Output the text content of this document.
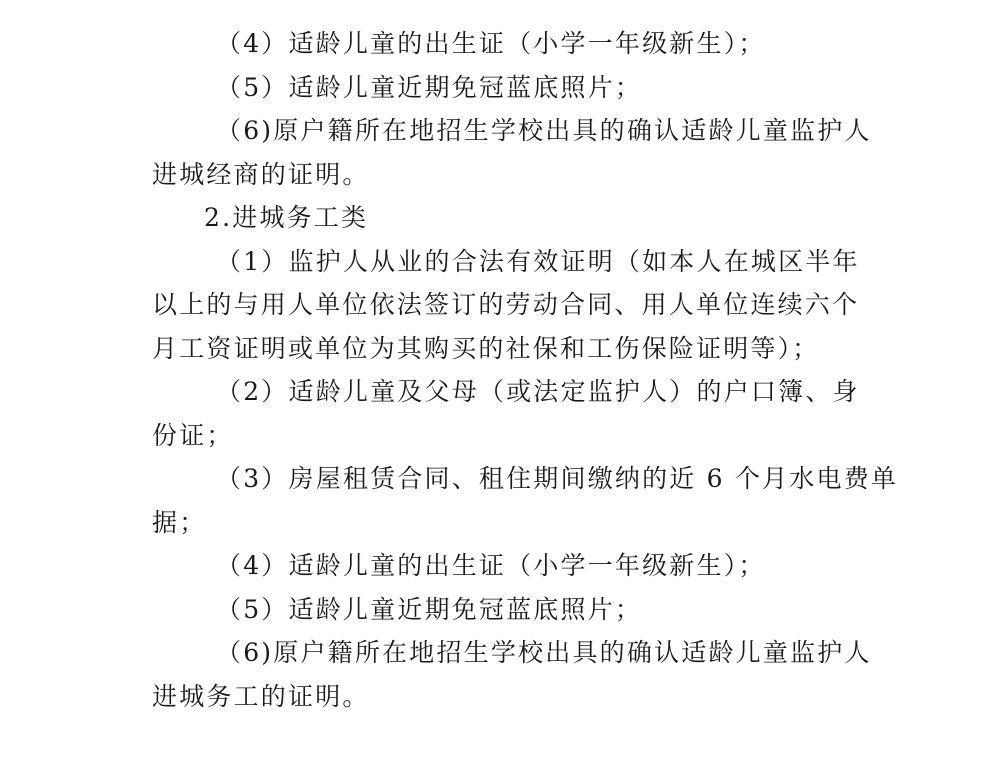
（4）适龄儿童的出生证（小学一年级新生）；
（5）适龄儿童近期免冠蓝底照片；
（6)原户籍所在地招生学校出具的确认适龄儿童监护人
进城经商的证明。
2.进城务工类
（1）监护人从业的合法有效证明（如本人在城区半年
以上的与用人单位依法签订的劳动合同、用人单位连续六个
月工资证明或单位为其购买的社保和工伤保险证明等）；
（2）适龄儿童及父母（或法定监护人）的户口簿、身
份证；
（3）房屋租赁合同、租住期间缴纳的近 6 个月水电费单
据；
（4）适龄儿童的出生证（小学一年级新生）；
（5）适龄儿童近期免冠蓝底照片；
（6)原户籍所在地招生学校出具的确认适龄儿童监护人
进城务工的证明。
